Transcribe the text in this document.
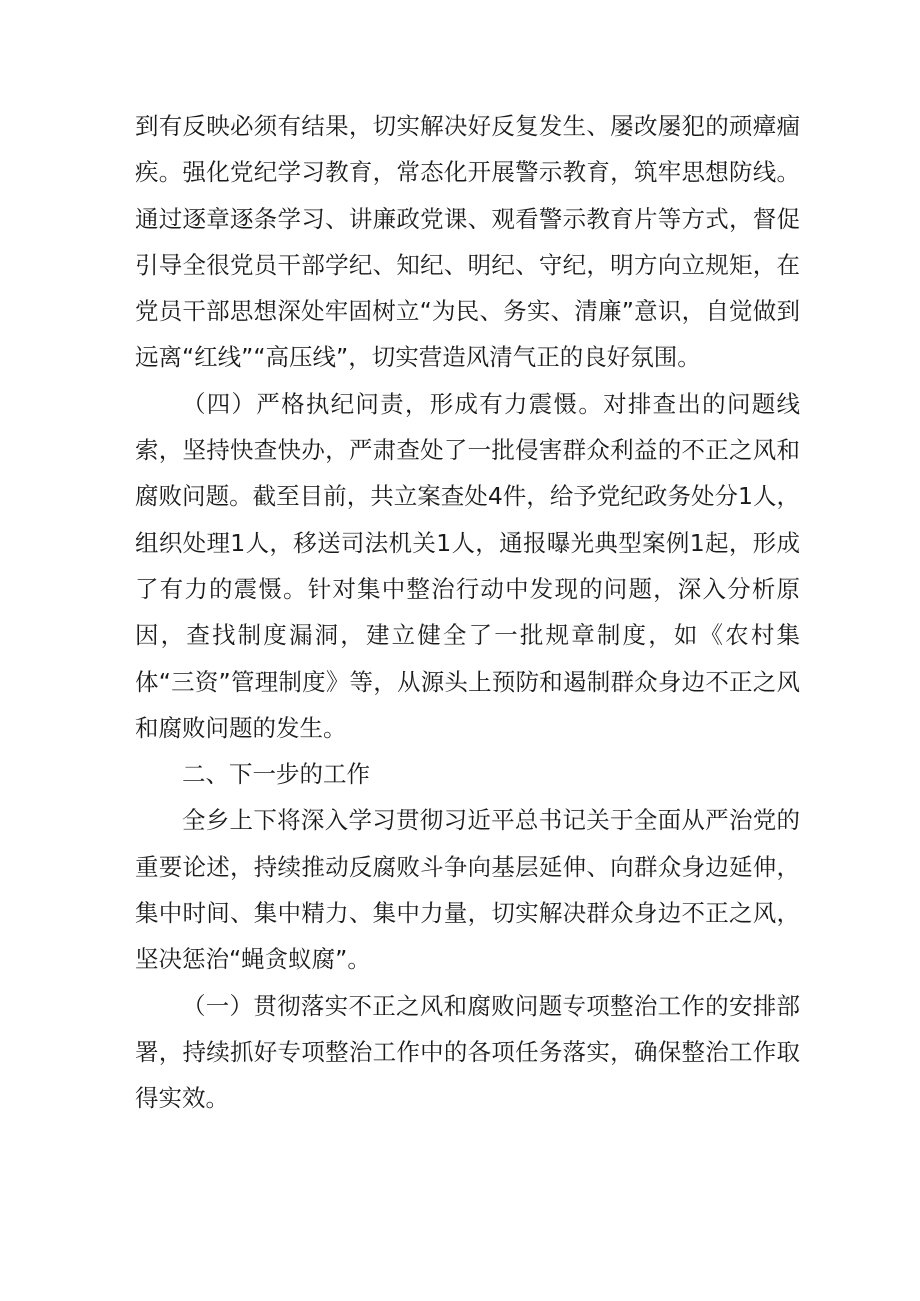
到有反映必须有结果，切实解决好反复发生、屡改屡犯的顽瘴痼疾。强化党纪学习教育，常态化开展警示教育，筑牢思想防线。通过逐章逐条学习、讲廉政党课、观看警示教育片等方式，督促引导全很党员干部学纪、知纪、明纪、守纪，明方向立规矩，在党员干部思想深处牢固树立“为民、务实、清廉”意识，自觉做到远离“红线”“高压线”，切实营造风清气正的良好氛围。

（四）严格执纪问责，形成有力震慑。对排查出的问题线索，坚持快查快办，严肃查处了一批侵害群众利益的不正之风和腐败问题。截至目前，共立案查处4件，给予党纪政务处分1人，组织处理1人，移送司法机关1人，通报曝光典型案例1起，形成了有力的震慑。针对集中整治行动中发现的问题，深入分析原因，查找制度漏洞，建立健全了一批规章制度，如《农村集体“三资”管理制度》等，从源头上预防和遏制群众身边不正之风和腐败问题的发生。

二、下一步的工作

全乡上下将深入学习贯彻习近平总书记关于全面从严治党的重要论述，持续推动反腐败斗争向基层延伸、向群众身边延伸，集中时间、集中精力、集中力量，切实解决群众身边不正之风，坚决惩治“蝇贪蚁腐”。

（一）贯彻落实不正之风和腐败问题专项整治工作的安排部署，持续抓好专项整治工作中的各项任务落实，确保整治工作取得实效。
